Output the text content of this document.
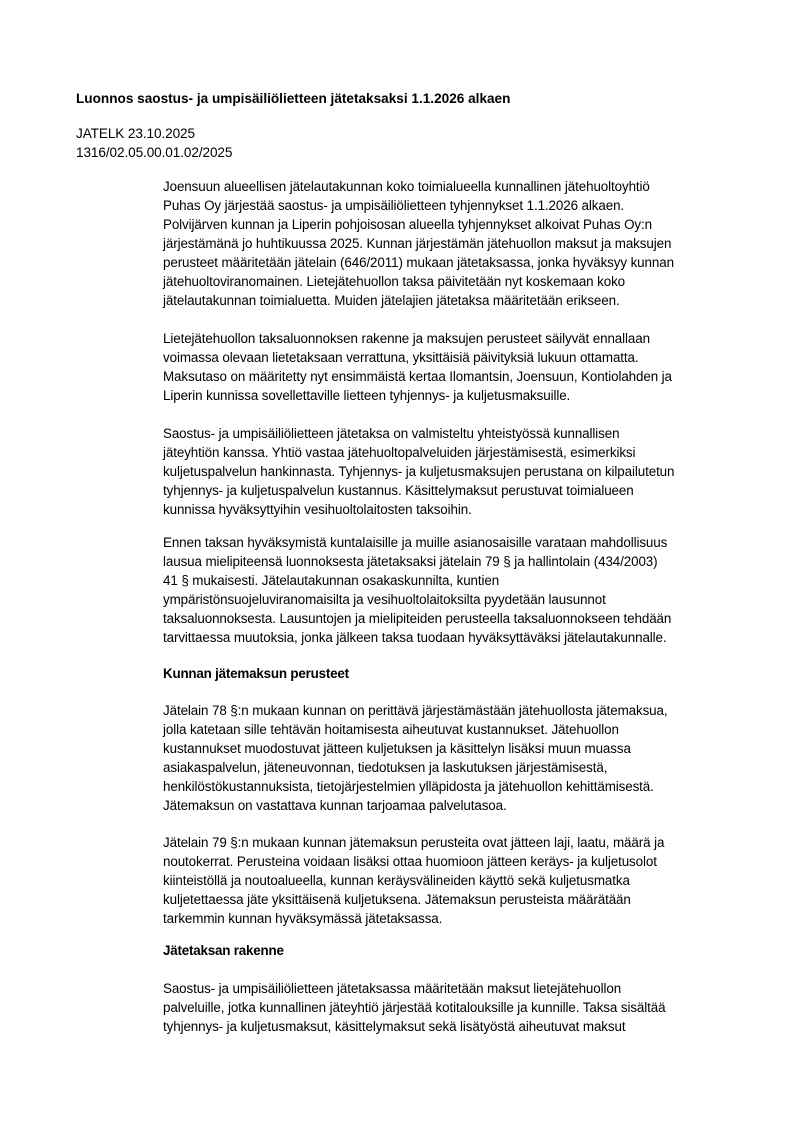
Luonnos saostus- ja umpisäiliölietteen jätetaksaksi 1.1.2026 alkaen
JATELK 23.10.2025
1316/02.05.00.01.02/2025
Joensuun alueellisen jätelautakunnan koko toimialueella kunnallinen jätehuoltoyhtiö
Puhas Oy järjestää saostus- ja umpisäiliölietteen tyhjennykset 1.1.2026 alkaen.
Polvijärven kunnan ja Liperin pohjoisosan alueella tyhjennykset alkoivat Puhas Oy:n
järjestämänä jo huhtikuussa 2025. Kunnan järjestämän jätehuollon maksut ja maksujen
perusteet määritetään jätelain (646/2011) mukaan jätetaksassa, jonka hyväksyy kunnan
jätehuoltoviranomainen. Lietejätehuollon taksa päivitetään nyt koskemaan koko
jätelautakunnan toimialuetta. Muiden jätelajien jätetaksa määritetään erikseen.
Lietejätehuollon taksaluonnoksen rakenne ja maksujen perusteet säilyvät ennallaan
voimassa olevaan lietetaksaan verrattuna, yksittäisiä päivityksiä lukuun ottamatta.
Maksutaso on määritetty nyt ensimmäistä kertaa Ilomantsin, Joensuun, Kontiolahden ja
Liperin kunnissa sovellettaville lietteen tyhjennys- ja kuljetusmaksuille.
Saostus- ja umpisäiliölietteen jätetaksa on valmisteltu yhteistyössä kunnallisen
jäteyhtiön kanssa. Yhtiö vastaa jätehuoltopalveluiden järjestämisestä, esimerkiksi
kuljetuspalvelun hankinnasta. Tyhjennys- ja kuljetusmaksujen perustana on kilpailutetun
tyhjennys- ja kuljetuspalvelun kustannus. Käsittelymaksut perustuvat toimialueen
kunnissa hyväksyttyihin vesihuoltolaitosten taksoihin.
Ennen taksan hyväksymistä kuntalaisille ja muille asianosaisille varataan mahdollisuus
lausua mielipiteensä luonnoksesta jätetaksaksi jätelain 79 § ja hallintolain (434/2003)
41 § mukaisesti. Jätelautakunnan osakaskunnilta, kuntien
ympäristönsuojeluviranomaisilta ja vesihuoltolaitoksilta pyydetään lausunnot
taksaluonnoksesta. Lausuntojen ja mielipiteiden perusteella taksaluonnokseen tehdään
tarvittaessa muutoksia, jonka jälkeen taksa tuodaan hyväksyttäväksi jätelautakunnalle.
Kunnan jätemaksun perusteet
Jätelain 78 §:n mukaan kunnan on perittävä järjestämästään jätehuollosta jätemaksua,
jolla katetaan sille tehtävän hoitamisesta aiheutuvat kustannukset. Jätehuollon
kustannukset muodostuvat jätteen kuljetuksen ja käsittelyn lisäksi muun muassa
asiakaspalvelun, jäteneuvonnan, tiedotuksen ja laskutuksen järjestämisestä,
henkilöstökustannuksista, tietojärjestelmien ylläpidosta ja jätehuollon kehittämisestä.
Jätemaksun on vastattava kunnan tarjoamaa palvelutasoa.
Jätelain 79 §:n mukaan kunnan jätemaksun perusteita ovat jätteen laji, laatu, määrä ja
noutokerrat. Perusteina voidaan lisäksi ottaa huomioon jätteen keräys- ja kuljetusolot
kiinteistöllä ja noutoalueella, kunnan keräysvälineiden käyttö sekä kuljetusmatka
kuljetettaessa jäte yksittäisenä kuljetuksena. Jätemaksun perusteista määrätään
tarkemmin kunnan hyväksymässä jätetaksassa.
Jätetaksan rakenne
Saostus- ja umpisäiliölietteen jätetaksassa määritetään maksut lietejätehuollon
palveluille, jotka kunnallinen jäteyhtiö järjestää kotitalouksille ja kunnille. Taksa sisältää
tyhjennys- ja kuljetusmaksut, käsittelymaksut sekä lisätyöstä aiheutuvat maksut
